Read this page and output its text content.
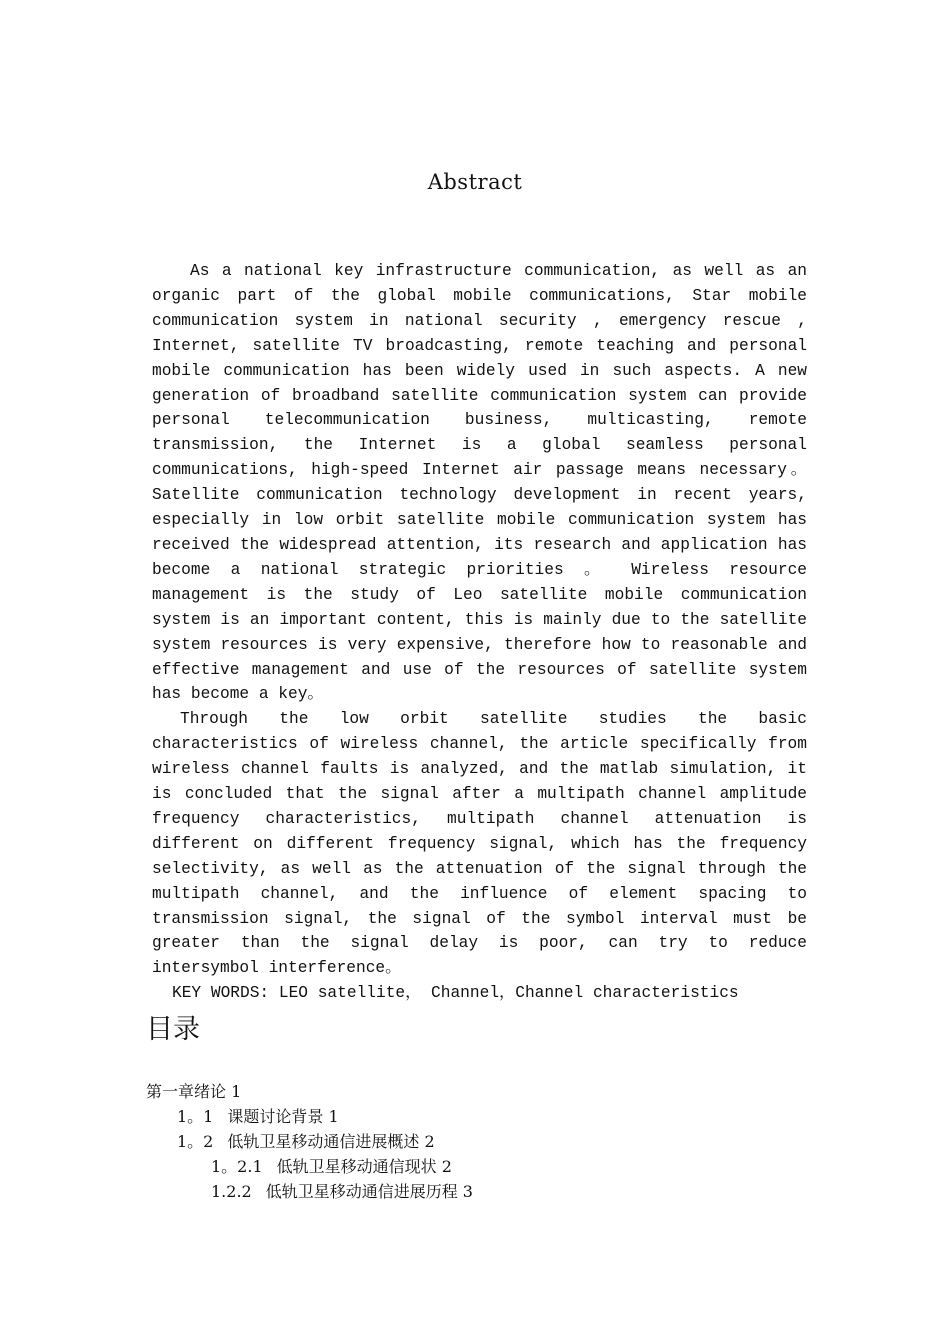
Abstract

As a national key infrastructure communication, as well as an organic part of the global mobile communications, Star mobile communication system in national security , emergency rescue , Internet, satellite TV broadcasting, remote teaching and personal mobile communication has been widely used in such aspects. A new generation of broadband satellite communication system can provide personal telecommunication business, multicasting, remote transmission, the Internet is a global seamless personal communications, high-speed Internet air passage means necessary。 Satellite communication technology development in recent years, especially in low orbit satellite mobile communication system has received the widespread attention, its research and application has become a national strategic priorities 。 Wireless resource management is the study of Leo satellite mobile communication system is an important content, this is mainly due to the satellite system resources is very expensive, therefore how to reasonable and effective management and use of the resources of satellite system has become a key。

Through the low orbit satellite studies the basic characteristics of wireless channel, the article specifically from wireless channel faults is analyzed, and the matlab simulation, it is concluded that the signal after a multipath channel amplitude frequency characteristics, multipath channel attenuation is different on different frequency signal, which has the frequency selectivity, as well as the attenuation of the signal through the multipath channel, and the influence of element spacing to transmission signal, the signal of the symbol interval must be greater than the signal delay is poor, can try to reduce intersymbol interference。

KEY WORDS: LEO satellite， Channel，Channel characteristics
目录
第一章绪论 1
1。1 课题讨论背景 1
1。2 低轨卫星移动通信进展概述 2
1。2.1 低轨卫星移动通信现状 2
1.2.2 低轨卫星移动通信进展历程 3
